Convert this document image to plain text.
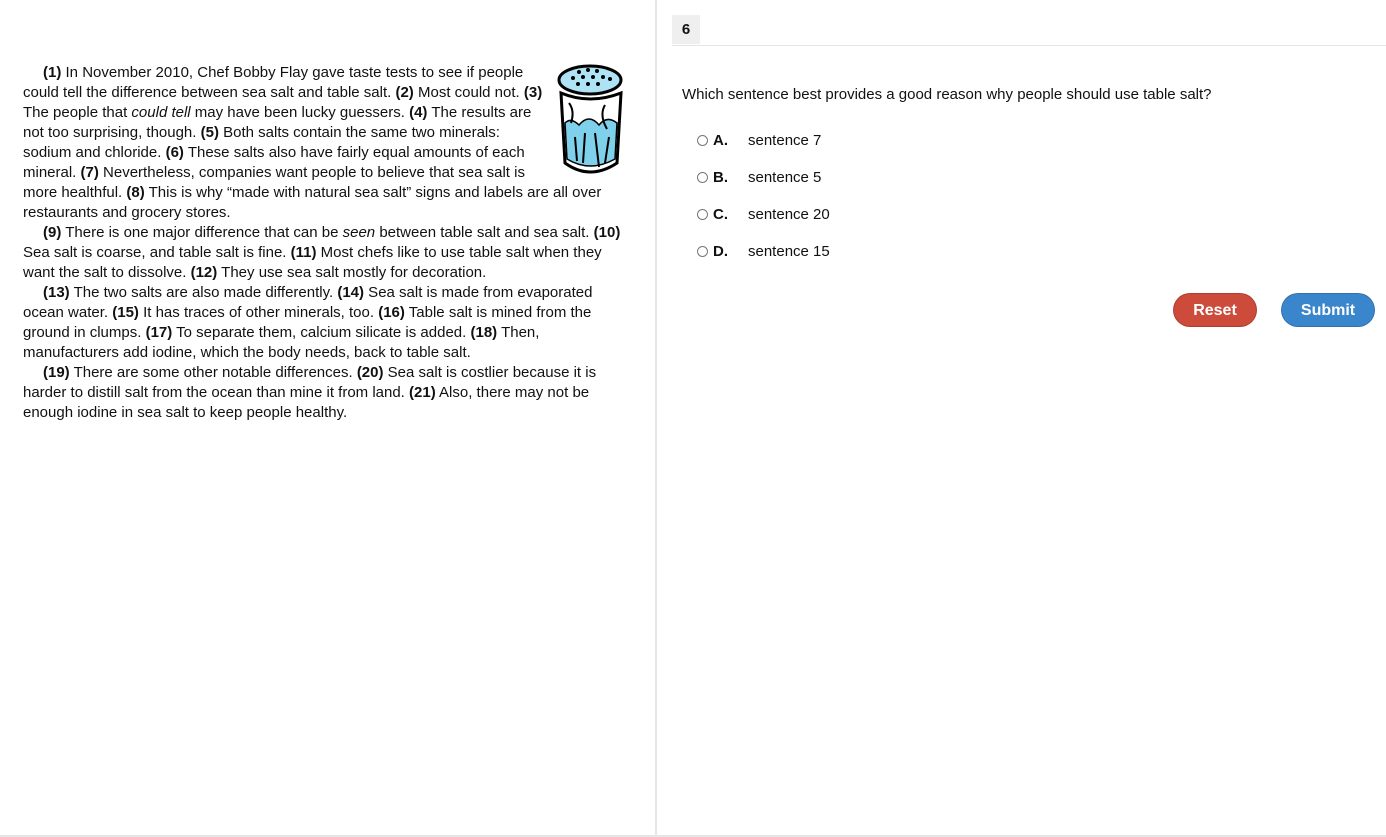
(1) In November 2010, Chef Bobby Flay gave taste tests to see if people could tell the difference between sea salt and table salt. (2) Most could not. (3) The people that could tell may have been lucky guessers. (4) The results are not too surprising, though. (5) Both salts contain the same two minerals: sodium and chloride. (6) These salts also have fairly equal amounts of each mineral. (7) Nevertheless, companies want people to believe that sea salt is more healthful. (8) This is why “made with natural sea salt” signs and labels are all over restaurants and grocery stores.

(9) There is one major difference that can be seen between table salt and sea salt. (10) Sea salt is coarse, and table salt is fine. (11) Most chefs like to use table salt when they want the salt to dissolve. (12) They use sea salt mostly for decoration.

(13) The two salts are also made differently. (14) Sea salt is made from evaporated ocean water. (15) It has traces of other minerals, too. (16) Table salt is mined from the ground in clumps. (17) To separate them, calcium silicate is added. (18) Then, manufacturers add iodine, which the body needs, back to table salt.

(19) There are some other notable differences. (20) Sea salt is costlier because it is harder to distill salt from the ocean than mine it from land. (21) Also, there may not be enough iodine in sea salt to keep people healthy.

6
Which sentence best provides a good reason why people should use table salt?
A.	sentence 7
B.	sentence 5
C.	sentence 20
D.	sentence 15
Reset	Submit
